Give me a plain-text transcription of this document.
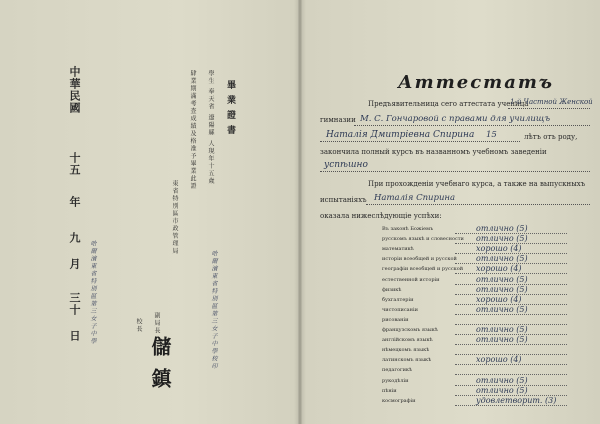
中華民國
十五
年
九
月
三十
日 哈爾濱東省特別區第三女子中學
畢業證書
學生 奉天省 遼陽縣 人現年十五歲
肄業期滿考查成績及格准予畢業此證
東省特別區市政管理局
副局長
校長	哈爾濱東省特別區第三女子中學校印
儲
鎮
Аттестатъ
Предъявительница сего аттестата ученица
1-й Частной Женской
гимназии М. С. Гончаровой с правами для училищъ
Наталія Дмитріевна Спирина 15	лѣтъ отъ роду,
закончила полный курсъ въ названномъ учебномъ заведеніи
успѣшно
При прохожденіи учебнаго курса, а также на выпускныхъ
испытаніяхъ Наталія Спирина
оказала нижеслѣдующіе успѣхи:
Въ законѣ Божіемъ	отлично (5)
русскомъ языкѣ и словесности отлично (5)
математикѣ	хорошо (4)
исторіи всеобщей и русской отлично (5)
географіи всеобщей и русской хорошо (4)
естественной исторіи	отлично (5)
физикѣ	отлично (5)
бухгалтеріи	хорошо (4)
чистописаніи	отлично (5)
рисованіи
французскомъ языкѣ	отлично (5)
англійскомъ языкѣ	отлично (5)
нѣмецкомъ языкѣ
латинскомъ языкѣ	хорошо (4)
педагогикѣ
рукодѣліи	отлично (5)
пѣніи	отлично (5)
космографіи	удовлетворит. (3)
